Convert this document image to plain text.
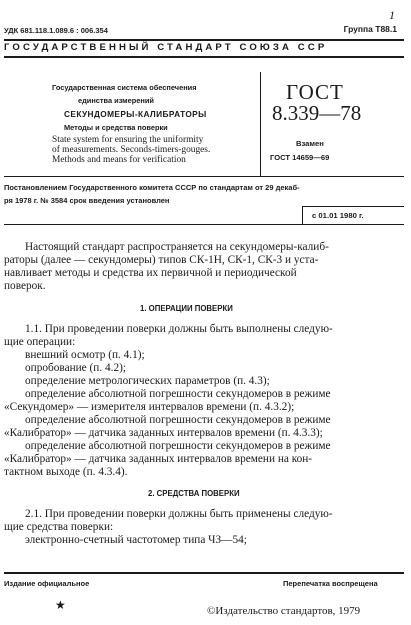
1
УДК 681.118.1.089.6 : 006.354	Группа Т88.1
ГОСУДАРСТВЕННЫЙ СТАНДАРТ СОЮЗА ССР
Государственная система обеспечения
единства измерений
СЕКУНДОМЕРЫ-КАЛИБРАТОРЫ
Методы и средства поверки
State system for ensuring the uniformity
of measurements. Seconds-timers-gouges.
Methods and means for verification
ГОСТ
8.339—78
Взамен
ГОСТ 14659—69
Постановлением Государственного комитета СССР по стандартам от 29 декаб-
ря 1978 г. № 3584 срок введения установлен
с 01.01 1980 г.
Настоящий стандарт распространяется на секундомеры-калиб-
раторы (далее — секундомеры) типов СК-1Н, СК-1, СК-3 и уста-
навливает методы и средства их первичной и периодической
поверок.
1. ОПЕРАЦИИ ПОВЕРКИ
1.1. При проведении поверки должны быть выполнены следую-
щие операции:
внешний осмотр (п. 4.1);
опробование (п. 4.2);
определение метрологических параметров (п. 4.3);
определение абсолютной погрешности секундомеров в режиме
«Секундомер» — измерителя интервалов времени (п. 4.3.2);
определение абсолютной погрешности секундомеров в режиме
«Калибратор» — датчика заданных интервалов времени (п. 4.3.3);
определение абсолютной погрешности секундомеров в режиме
«Калибратор» — датчика заданных интервалов времени на кон-
тактном выходе (п. 4.3.4).
2. СРЕДСТВА ПОВЕРКИ
2.1. При проведении поверки должны быть применены следую-
щие средства поверки:
электронно-счетный частотомер типа ЧЗ—54;
Издание официальное	Перепечатка воспрещена
★	©Издательство стандартов, 1979
